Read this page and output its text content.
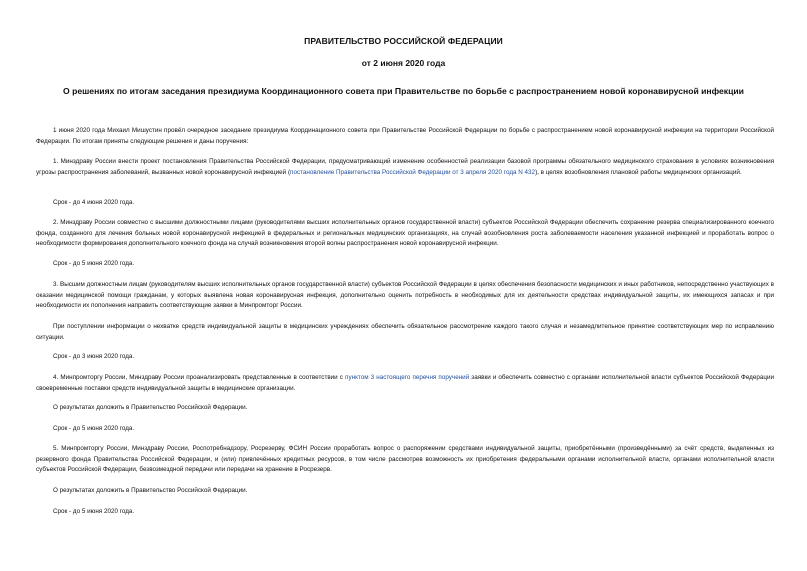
ПРАВИТЕЛЬСТВО РОССИЙСКОЙ ФЕДЕРАЦИИ

от 2 июня 2020 года

О решениях по итогам заседания президиума Координационного совета при Правительстве по борьбе с распространением новой коронавирусной инфекции

1 июня 2020 года Михаил Мишустин провёл очередное заседание президиума Координационного совета при Правительстве Российской Федерации по борьбе с распространением новой коронавирусной инфекции на территории Российской Федерации. По итогам приняты следующие решения и даны поручения:

1. Минздраву России внести проект постановления Правительства Российской Федерации, предусматривающий изменение особенностей реализации базовой программы обязательного медицинского страхования в условиях возникновения угрозы распространения заболеваний, вызванных новой коронавирусной инфекцией (постановление Правительства Российской Федерации от 3 апреля 2020 года N 432), в целях возобновления плановой работы медицинских организаций.

Срок - до 4 июня 2020 года.

2. Минздраву России совместно с высшими должностными лицами (руководителями высших исполнительных органов государственной власти) субъектов Российской Федерации обеспечить сохранение резерва специализированного коечного фонда, созданного для лечения больных новой коронавирусной инфекцией в федеральных и региональных медицинских организациях, на случай возобновления роста заболеваемости населения указанной инфекцией и проработать вопрос о необходимости формирования дополнительного коечного фонда на случай возникновения второй волны распространения новой коронавирусной инфекции.

Срок - до 5 июня 2020 года.

3. Высшим должностным лицам (руководителям высших исполнительных органов государственной власти) субъектов Российской Федерации в целях обеспечения безопасности медицинских и иных работников, непосредственно участвующих в оказании медицинской помощи гражданам, у которых выявлена новая коронавирусная инфекция, дополнительно оценить потребность в необходимых для их деятельности средствах индивидуальной защиты, их имеющихся запасах и при необходимости их пополнения направить соответствующие заявки в Минпромторг России.

При поступлении информации о нехватке средств индивидуальной защиты в медицинских учреждениях обеспечить обязательное рассмотрение каждого такого случая и незамедлительное принятие соответствующих мер по исправлению ситуации.

Срок - до 3 июня 2020 года.

4. Минпромторгу России, Минздраву России проанализировать представленные в соответствии с пунктом 3 настоящего перечня поручений заявки и обеспечить совместно с органами исполнительной власти субъектов Российской Федерации своевременные поставки средств индивидуальной защиты в медицинские организации.

О результатах доложить в Правительство Российской Федерации.

Срок - до 5 июня 2020 года.

5. Минпромторгу России, Минздраву России, Роспотребнадзору, Росрезерву, ФСИН России проработать вопрос о распоряжении средствами индивидуальной защиты, приобретёнными (произведёнными) за счёт средств, выделенных из резервного фонда Правительства Российской Федерации, и (или) привлечённых кредитных ресурсов, в том числе рассмотрев возможность их приобретения федеральными органами исполнительной власти, органами исполнительной власти субъектов Российской Федерации, безвозмездной передачи или передачи на хранение в Росрезерв.

О результатах доложить в Правительство Российской Федерации.

Срок - до 5 июня 2020 года.
